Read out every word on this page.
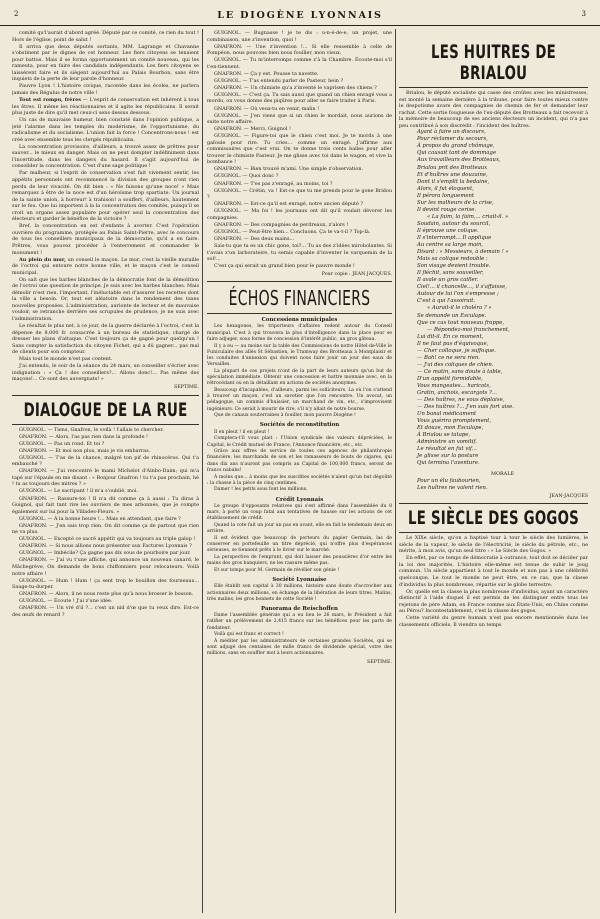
2	LE DIOGÈNE LYONNAIS	3

comité qu'l'aurait d'abord agréé. Député par ce comité, ce rien du tout ! Hors de l'église, point de salut !

Il arriva que deux députés sortants, MM. Lagrange et Chavanne s'obstinent par le dignes de cet honneur. Les fiers citoyens se tenaient pour battus. Mais il se forma opportunément un comité nouveau, qui les rameuta, pour en faire des candidats indépendants. Les fiers citoyens se laissèrent faire et ils siègent aujourd'hui au Palais Bourbon, sans être inquiets de la perte de leur parole d'honneur.

Pauvre Lyon ! L'histoire civique, racontée dans les écoles, ne parlera jamais des Régulus de notre ville !

Tout est rompu, frères — L'esprit de conservation est inhérent à tous les êtres. Il même les réactionnaires et il agite les républicains. Il serait plus juste de dire qu'il met ceux-ci sens dessus dessous.

Un cas de mauvaise humeur, bien constaté dans l'opinion publique, a jeté l'alarme dans les temples du modérisme, de l'opportunisme, du radicalisme et du socialisme. L'union fait la force ! Concentrons-nous ! est créé avec ensemble tous les clergés républicains.

La concentration provisoire, d'ailleurs, a trouvé assez de prêtres pour sauver... le mieux en danger. Mais on ne peut dompter indéfiniment dans l'incertitude, dans les dangers du hasard. Il s'agit aujourd'hui de consolider la concentration. C'est d'une sage politique !

Par malheur, si l'esprit de conservation s'est fait vivement sentir, les appétits personnels ont recommencé la division des groupes n'ont rien perdu de leur vivacité. On dit bien : « Ne faisons qu'une noce! » Mais remarquez à être de la noce est d'un héroïsme trop spartiate. Un journal de la sainte union, à horreur! à trahison! a souffert, d'ailleurs, hautement sur le feu. Que lui importent à la la concentration des comités, puisqu'il se croit un organe assez populaire pour opérer seul la concentration des électeurs et garder le bénéfice de la victoire ?

Bref, la concentration en est d'enfants à avorter. C'est l'opération ouvrière du programme, protégée au Palais Saint-Pierre, avec le concours de tous les conseillers municipaux de la démocratie, qu'il a en faire. Prêtres, vous pouvez procéder à l'enterrement et commander le monument !

Au plein du mur, un conseil le maçon. Le mur, c'est la vieille muraille de l'octroi qui entoure notre bonne ville, et le maçon c'est le conseil municipal.

On sait que les barbes blanches de la démocratie font de la démolition de l'octroi une question de principe. Je suis avec les barbes blanches. Mais démolir n'est rien, l'important, l'inéluctable est d'assurer les recettes dont la ville a besoin. Or, tout est aléatoire dans le rendement des taxes nouvelles proposées. L'administration, aurionte de lecteur et de mauvaise vouloir, se retranche derrière ses scrupules de prudence, je ne suis avec l'administration.

Le résultat le plus net, à ce jour, de la guerre déclarée à l'octroi, c'est la dépense de 8,000 fr. consacrée à un bureau de statistique, chargé de dresser les plans d'attaque. C'est toujours ça de gagné pour quelqu'un ! Sans compter la satisfaction du citoyen Fichet, qui a dû gagner... pas mal de clients pour son compteur.

Mais tout le monde n'est pas content.

J'ai entendu, le soir de la séance du 24 mars, un conseiller s'écrier avec indignation : « Ça ! des conseillers?... Allons donc!... Pas même des maçons!... Ce sont des auvergnats! »

SEPTIME.
DIALOGUE DE LA RUE

GUIGNOL. — Tiens, Gnafron, le voilà ! l'allais te chercher.

GNAFRON. — Alors, l'as pas rien dans la profonde !

GUIGNOL. — Pas un rond. Et toi ?

GNAFRON. — Et moi non plus, mais je vis embarras.

GUIGNOL. — T'as de la chance, malgré ton pif de rhinocéros. Qui t'a embauché ?

GNAFRON. — J'ai rencontré le mami Michelot d'Ainbo-Daim; qui m'a tapé sur l'épaule en me disant : « Bonjour Gnafron ! tu t'a pas prochain, hé ! tu as toujours des mitres ? »

GUIGNOL. — Le sacripant ! il m'a s'oublié, moi.

GNAFRON. — Rassure-toi ! Il n'a dit comme ça à aussi : Tu diras à Guignol, qui fait tant rire les ouvriers de mes arbonnés, que je compte également sur lui pour la Villades-Fleurs. »

GUIGNOL. — À la bonne heure !... Mais en attendant, que faire ?

GNAFRON. — J'en sais trop rien. On dit comme ça de partout que rien ne va plus.

GUIGNOL. — Excepté ce sacré appétit qui va toujours au triple galop !

GNAFRON. — Si nous allions nous présenter aux Factures Lyonnais ?

GUIGNOL. — Imbécile? Ça gagne pas dix sous de pourboire par jour.

GNAFRON. — J'ai vu t'une affiche, qui annonce un nouveau canard, le Mâchegrève, On demande de bons chiffonniers pour relocateurs. Voilà notre affaire !

GUIGNOL. — Hum ! Hum ! ça sent trop le bouillon des fourneaux... Sauge-tu-durper.

GNAFRON. — Alors, il ne nous reste plus qu'à nous brosser le bosson.

GUIGNOL. — Écoute ! J'ai z'une idée.

GNAFRON. — Un vré d'il ?... c'est un nid d'œ que tu veux dire. Est-ce des œufs de renard ?

GUIGNOL. — Bugnasse ! je te dis : u-n-é-de-e, un projet, une combinaison, une z'invention, quoi !

GNAFRON. — Une z'invention !... Si elle ressemble à celle de Pompéon, nous pouvons bien nous fouiller, mon vieux.

GUIGNOL. — Tu m'interromps comme z'à la Chambre. Écoute-moi s'il t'en-tiennent.

GNAFRON. — Ça y est. Pousse ta navette.

GUIGNOL. — T'as entendu parler de Pasteur, hein ?

GNAFRON. — Un chimiste qu'a z'inventé le vaprisen des chiens ?

GUIGNOL. — C'est ça. Tu sais aussi que quand un chien enragé vous a mordu, on vous donne des piqûres pour aller se faire traiter à Paris.

GNAFRON. — Où veux-tu en venir, malin !

GUIGNOL. — J'en viens que si un chien le mordait, nous aurions de suite notre affaire.

GNAFRON. — Merci, Guignol !

GUIGNOL. — Figure-toi que le chien c'est moi. Je te mords à une gafoule pour rire. Tu cries... comme un enragé. J'affirme aux commissaires que c'est vrai. On te donne trois cents balles pour aller trouver le chimiste Pasteur. Je me glisse avec toi dans le wagon, et vive la bombance !

GNAFRON. — Bien trouvé m'ami. Une simple z'observation.

GUIGNOL. — Quoi donc ?

GNAFRON. — T'es pas z'enragé, au moins, toi ?

GUIGNOL. — Crétin, va ! Est-ce que tu me prends pour le gone Bridou ?

GNAFRON. — Est-ce qu'il est enragé, notre ancien député ?

GUIGNOL. — Ma foi ! les journaux ont dit qu'il voulait dévorer les compagnies.

GNAFRON. — Des compagnies de perdreaux, z'alors !

GUIGNOL. — Peut-être bien... Concluons. Ça te va-t-il ? Top-là.

GNAFRON. — Des deux mains...

Sais-tu que tu es un chic gone, toi?... Tu as des z'idées mirobolantes. Si t'avais z'un larborateire, tu serais capable d'inventer le varquemin de la sol!...

C'est ça qui serait un grand bien pour le pauvre monde !

Pour copie : JEAN JACQUES.
ÉCHOS FINANCIERS
Concessions municipales

Les hexagones, les triporteurs d'affaires rodent autour du Conseil municipal. C'est à qui trouvera la plus d'intelligence dans la place pour se faire adjuger, sous forme de concession d'intérêt public, un gros gâteau.

Il y a eu — au moins sur la table des Commissions de notre Hôtel-de-Ville le Funiculaire des allés St Sébastien, le Tramway des Brotteaux à Montplaisir et les conduites d'annexion qui doivent nous faire jouir un jour des eaux de Versailles.

La plupart de ces projets n'ont de la part de leurs auteurs qu'un but de spéculation immédiate. Obtenir une concession et battre monnaie avec, en la rétrocédant ou en la détaillant en actions de sociétés anonymes.

Beaucoup d'incapables, d'ailleurs, parmi les solliciteurs. La où l'on s'attend à trouver un maçon, c'est un savetier que l'on rencontre. Un avocat, un pédagogue, un commis d'huissier, un marchand de vin, etc., s'improvisent ingénieurs. Ce serait à mourir de rire, s'il n'y allait de notre bourse.

Que de canaux souterraines à fouiller, mon pauvre Diogène !

Sociétés de reconstitution

Il en pleut ! il en pleut !

Comptera-t'il vous plait : l'Union syndicale des valeurs dépréciées, le Capital, le Crédit mutuel de France, l'Annonce financière, etc., etc.

Grâce aux offres de service de toutes ces agences de philanthropie financière, les marchands de son et les ramasseurs de bouts de cigares, qui dans dix ans n'auront pas compris au Capital de 100,000 francs, seront de francs nababs!

À moins que... à moins que les suscdites sociétés n'aient qu'un but dégoûté : la chasse à la pièce de cinq centimes.

Damer ! les petits sous font les millions.

Crédit Lyonnais

Le groupe d'opposants relatives qui s'est affirmé dans l'assemblée du 8 mars, à porté un coup fatal aux tentatives de hausse sur les actions de cet établissement de crédit.

Quand la cote fait un jour un pas en avant, elle en fait le lendemain deux en arrière.

Il est évident que beaucoup de porteurs du papier Germain, las de conserver en portefeuille un titre déprécié, qui n'offre plus d'espérances sérieuses, se tiennent prêts à le livrer sur le marché.

La perspective de l'emprunt, qui doit laisser des poussières d'or entre les mains des gros banquiers, ne les rassure même pas.

Et sur tomps pour M. Germain de révélier son génie !

Société Lyonnaise

Elle établit son capital à 30 millions, histoire sans doute d'accrocher aux actionnaires deux millions, en échange de la libération de leurs titres. Malins, très malins, les gros bonnets de cette Société !

Panorama de Reischoffen

Dame l'assemblée générale qui a eu lieu le 26 mars, le Président a fait ratifier un prélèvement de 2,415 francs sur les bénéfices pour les parts de fondateur.

Voilà qui est franc et correct !

À méditer par les administrateurs de certaines grandes Sociétés, qui se sont adjugé des centaines de mille francs de dividende spécial, votre des millions, sans en souffler mot à leurs actionnaires.

SEPTIME.
LES HUITRES DE BRIALOU

Brialou, le député socialiste qui casse des croûtes avec les ministresses, est monté la semaine dernière à la tribune, pour faire toutes mieux contre le despotisme avare des compagnies de chemin de fer et demander leur rachat. Cette sortie fougueuse de l'ex-député des Brotteaux a fait recevoir à la mémoire de beaucoup de ses anciens électeurs un incident, qui n'a pas peu contribué à son discrédit : l'incident des huîtres.

Ayant à faire un discours,
Pour réclamer du secours,
À propos du grand chômage,
Qui causait tant de dommage
Aux travailleurs des Brotteaux,
Brialou prit des Brotteaux
Et d'huîtres une douzaine,
Dont il s'emplit la bedaine,
Alors, il fut éloquent,
Il pérora longuement
Sur les malheurs de la crise,
Il devint rouge cerise.
« La faim, la faim,... criait-il. »
Soudain, autour du sourcil,
Il éprouve une colique.
Il s'interrompt... Il applique
Au centre sa large main,
Disant : « Messieurs, à demain ! »
Mais sa colique redouble :
Son visage devient trouble.
Il fléchit, sans souveiller,
Il avale un gros cailler.
Ciel!... il chancelle..., il s'affaisse,
Autour de lui l'on s'empresse ;
C'est à qui l'assoirait.
« Aurait-il le choléra ? »
Se demande un Esculape.
Que ce cas tout nouveau frappe,
— Répondez-moi franchement,
Lui dit-il. En ce moment,
Il ne faut pas d'équivoque,
— Cher colloque, je suffoque.
— Bah! ce ne sera rien.
— J'ai des coliques de chien.
— Ce matin, sans doute à table,
D'un appétit formidable,
Vous mangeates... haricots,
Gratin, anchois, escargots ?...
— Des huîtres, ne vous déplaise,
— Des huîtres ?... J'en suis fort aise.
Un banal médicament
Vous guérira promptement,
Et douze, mon Esculape,
À Brialou se tatape,
Administre un vomitif.
Le résultat en fut vif...
Je glisse sur la posture
Qui termina l'aventure.
MORALE
Pour un élu faubourien,
Les huîtres ne valent rien.
JEAN-JACQUES
LE SIÈCLE DES GOGOS

Le XIXe siècle, qu'on a baptisé tour à tour le siècle des lumières, le siècle de la vapeur, le siècle de l'électricité, le siècle du pétrole, etc., ne mérite, à mon avis, qu'un seul titre : « Le Siècle des Gogos. »

En effet, par ce temps de démocratie à outrance, tout doit se décider par la loi des majorités. L'histoire elle-même est tenue de subir le joug commun. Un siècle appartient à tout le monde et non pas à une célébrité quelconque. Le tout le monde ne peut être, en ce cas, que la classe d'individus la plus nombreuse, répartie sur le globe terrestre.

Or, quelle est la classe la plus nombreuse d'individus, ayant un caractère distinctif à l'aide duquel il est permis de les distinguer entre tous les rejetons de père Adam, en France comme aux États-Unis, en Chine comme au Pérou? Incontestablement, c'est la classe des gogos.

Cette variété du genre humain n'est pas encore mentionnée dans les classements officiels. Il viendra un temps
